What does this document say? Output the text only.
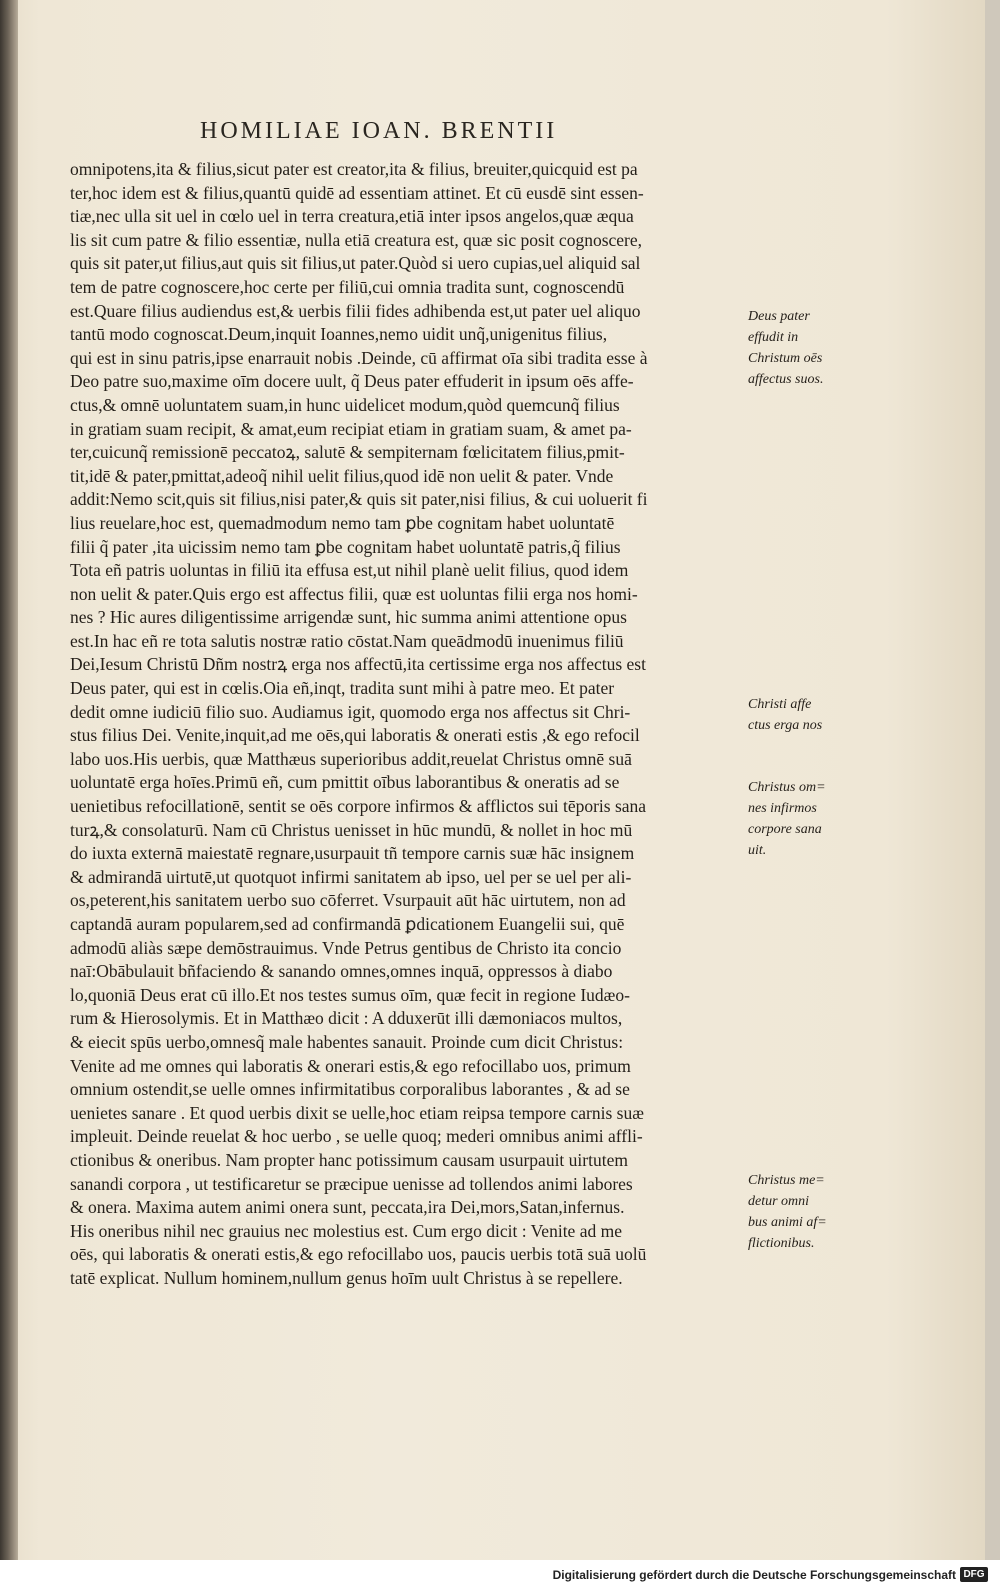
HOMILIAE IOAN. BRENTII
omnipotens,ita & filius,sicut pater est creator,ita & filius, breuiter,quicquid est pa
ter,hoc idem est & filius,quantū quidē ad essentiam attinet. Et cū eusdē sint essen-
tiæ,nec ulla sit uel in cœlo uel in terra creatura,etiā inter ipsos angelos,quæ æqua
lis sit cum patre & filio essentiæ, nulla etiā creatura est, quæ sic posit cognoscere,
quis sit pater,ut filius,aut quis sit filius,ut pater.Quòd si uero cupias,uel aliquid sal
tem de patre cognoscere,hoc certe per filiū,cui omnia tradita sunt, cognoscendū
est.Quare filius audiendus est,& uerbis filii fides adhibenda est,ut pater uel aliquo
tantū modo cognoscat.Deum,inquit Ioannes,nemo uidit unq̃,unigenitus filius,
qui est in sinu patris,ipse enarrauit nobis .Deinde, cū affirmat oīa sibi tradita esse à
Deo patre suo,maxime oīm docere uult, q̃ Deus pater effuderit in ipsum oēs affe-
ctus,& omnē uoluntatem suam,in hunc uidelicet modum,quòd quemcunq̃ filius
in gratiam suam recipit, & amat,eum recipiat etiam in gratiam suam, & amet pa-
ter,cuicunq̃ remissionē peccatoꝝ, salutē & sempiternam fœlicitatem filius,pmit-
tit,idē & pater,pmittat,adeoq̃ nihil uelit filius,quod idē non uelit & pater. Vnde
addit:Nemo scit,quis sit filius,nisi pater,& quis sit pater,nisi filius, & cui uoluerit fi
lius reuelare,hoc est, quemadmodum nemo tam ꝑbe cognitam habet uoluntatē
filii q̃ pater ,ita uicissim nemo tam ꝑbe cognitam habet uoluntatē patris,q̃ filius
Tota eñ patris uoluntas in filiū ita effusa est,ut nihil planè uelit filius, quod idem
non uelit & pater.Quis ergo est affectus filii, quæ est uoluntas filii erga nos homi-
nes ? Hic aures diligentissime arrigendæ sunt, hic summa animi attentione opus
est.In hac eñ re tota salutis nostræ ratio cōstat.Nam queādmodū inuenimus filiū
Dei,Iesum Christū Dñm nostrꝝ erga nos affectū,ita certissime erga nos affectus est
Deus pater, qui est in cœlis.Oia eñ,inqt, tradita sunt mihi à patre meo. Et pater
dedit omne iudiciū filio suo. Audiamus igit, quomodo erga nos affectus sit Chri-
stus filius Dei. Venite,inquit,ad me oēs,qui laboratis & onerati estis ,& ego refocil
labo uos.His uerbis, quæ Matthæus superioribus addit,reuelat Christus omnē suā
uoluntatē erga hoīes.Primū eñ, cum pmittit oībus laborantibus & oneratis ad se
uenietibus refocillationē, sentit se oēs corpore infirmos & afflictos sui tēporis sana
turꝝ,& consolaturū. Nam cū Christus uenisset in hūc mundū, & nollet in hoc mū
do iuxta externā maiestatē regnare,usurpauit tñ tempore carnis suæ hāc insignem
& admirandā uirtutē,ut quotquot infirmi sanitatem ab ipso, uel per se uel per ali-
os,peterent,his sanitatem uerbo suo cōferret. Vsurpauit aūt hāc uirtutem, non ad
captandā auram popularem,sed ad confirmandā ꝑdicationem Euangelii sui, quē
admodū aliàs sæpe demōstrauimus. Vnde Petrus gentibus de Christo ita concio
naī:Obābulauit bñfaciendo & sanando omnes,omnes inquā, oppressos à diabo
lo,quoniā Deus erat cū illo.Et nos testes sumus oīm, quæ fecit in regione Iudæo-
rum & Hierosolymis. Et in Matthæo dicit : A dduxerūt illi dæmoniacos multos,
& eiecit spūs uerbo,omnesq̃ male habentes sanauit. Proinde cum dicit Christus:
Venite ad me omnes qui laboratis & onerari estis,& ego refocillabo uos, primum
omnium ostendit,se uelle omnes infirmitatibus corporalibus laborantes , & ad se
uenietes sanare . Et quod uerbis dixit se uelle,hoc etiam reipsa tempore carnis suæ
impleuit. Deinde reuelat & hoc uerbo , se uelle quoq; mederi omnibus animi affli-
ctionibus & oneribus. Nam propter hanc potissimum causam usurpauit uirtutem
sanandi corpora , ut testificaretur se præcipue uenisse ad tollendos animi labores
& onera. Maxima autem animi onera sunt, peccata,ira Dei,mors,Satan,infernus.
His oneribus nihil nec grauius nec molestius est. Cum ergo dicit : Venite ad me
oēs, qui laboratis & onerati estis,& ego refocillabo uos, paucis uerbis totā suā uolū
tatē explicat. Nullum hominem,nullum genus hoīm uult Christus à se repellere.
Deus pater
effudit in
Christum oēs
affectus suos.
Christi affe
ctus erga nos
Christus om=
nes infirmos
corpore sana
uit.
Christus me=
detur omni
bus animi af=
flictionibus.
Digitalisierung gefördert durch die Deutsche Forschungsgemeinschaft DFG
